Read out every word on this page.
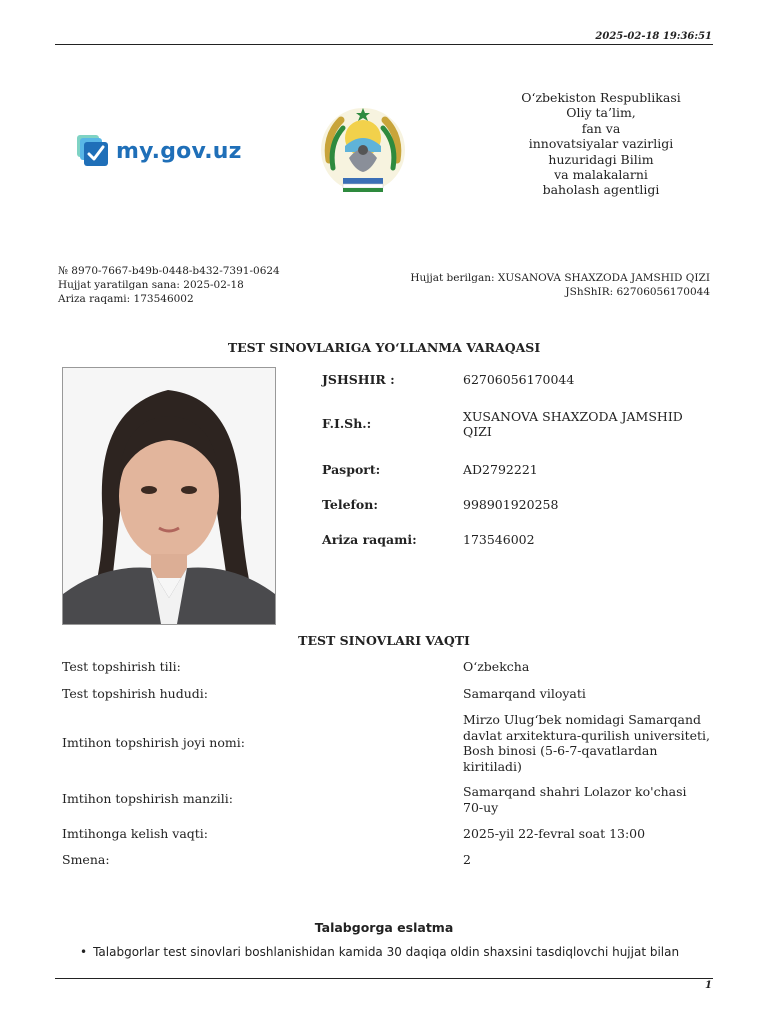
2025-02-18 19:36:51
my.gov.uz
O‘zbekiston Respublikasi
Oliy ta’lim,
fan va
innovatsiyalar vazirligi
huzuridagi Bilim
va malakalarni
baholash agentligi
№ 8970-7667-b49b-0448-b432-7391-0624
Hujjat yaratilgan sana: 2025-02-18
Ariza raqami: 173546002
Hujjat berilgan: XUSANOVA SHAXZODA JAMSHID QIZI
JShShIR: 62706056170044
TEST SINOVLARIGA YO‘LLANMA VARAQASI
JSHSHIR :	62706056170044
F.I.Sh.:	XUSANOVA SHAXZODA JAMSHID QIZI
Pasport:	AD2792221
Telefon:	998901920258
Ariza raqami:	173546002
TEST SINOVLARI VAQTI
Test topshirish tili:	O‘zbekcha
Test topshirish hududi:	Samarqand viloyati
Imtihon topshirish joyi nomi:
Mirzo Ulug‘bek nomidagi Samarqand davlat arxitektura-qurilish universiteti, Bosh binosi (5-6-7-qavatlardan kiritiladi)
Imtihon topshirish manzili:	Samarqand shahri Lolazor ko'chasi 70-uy
Imtihonga kelish vaqti:	2025-yil 22-fevral soat 13:00
Smena:	2
Talabgorga eslatma
• Talabgorlar test sinovlari boshlanishidan kamida 30 daqiqa oldin shaxsini tasdiqlovchi hujjat bilan
1
